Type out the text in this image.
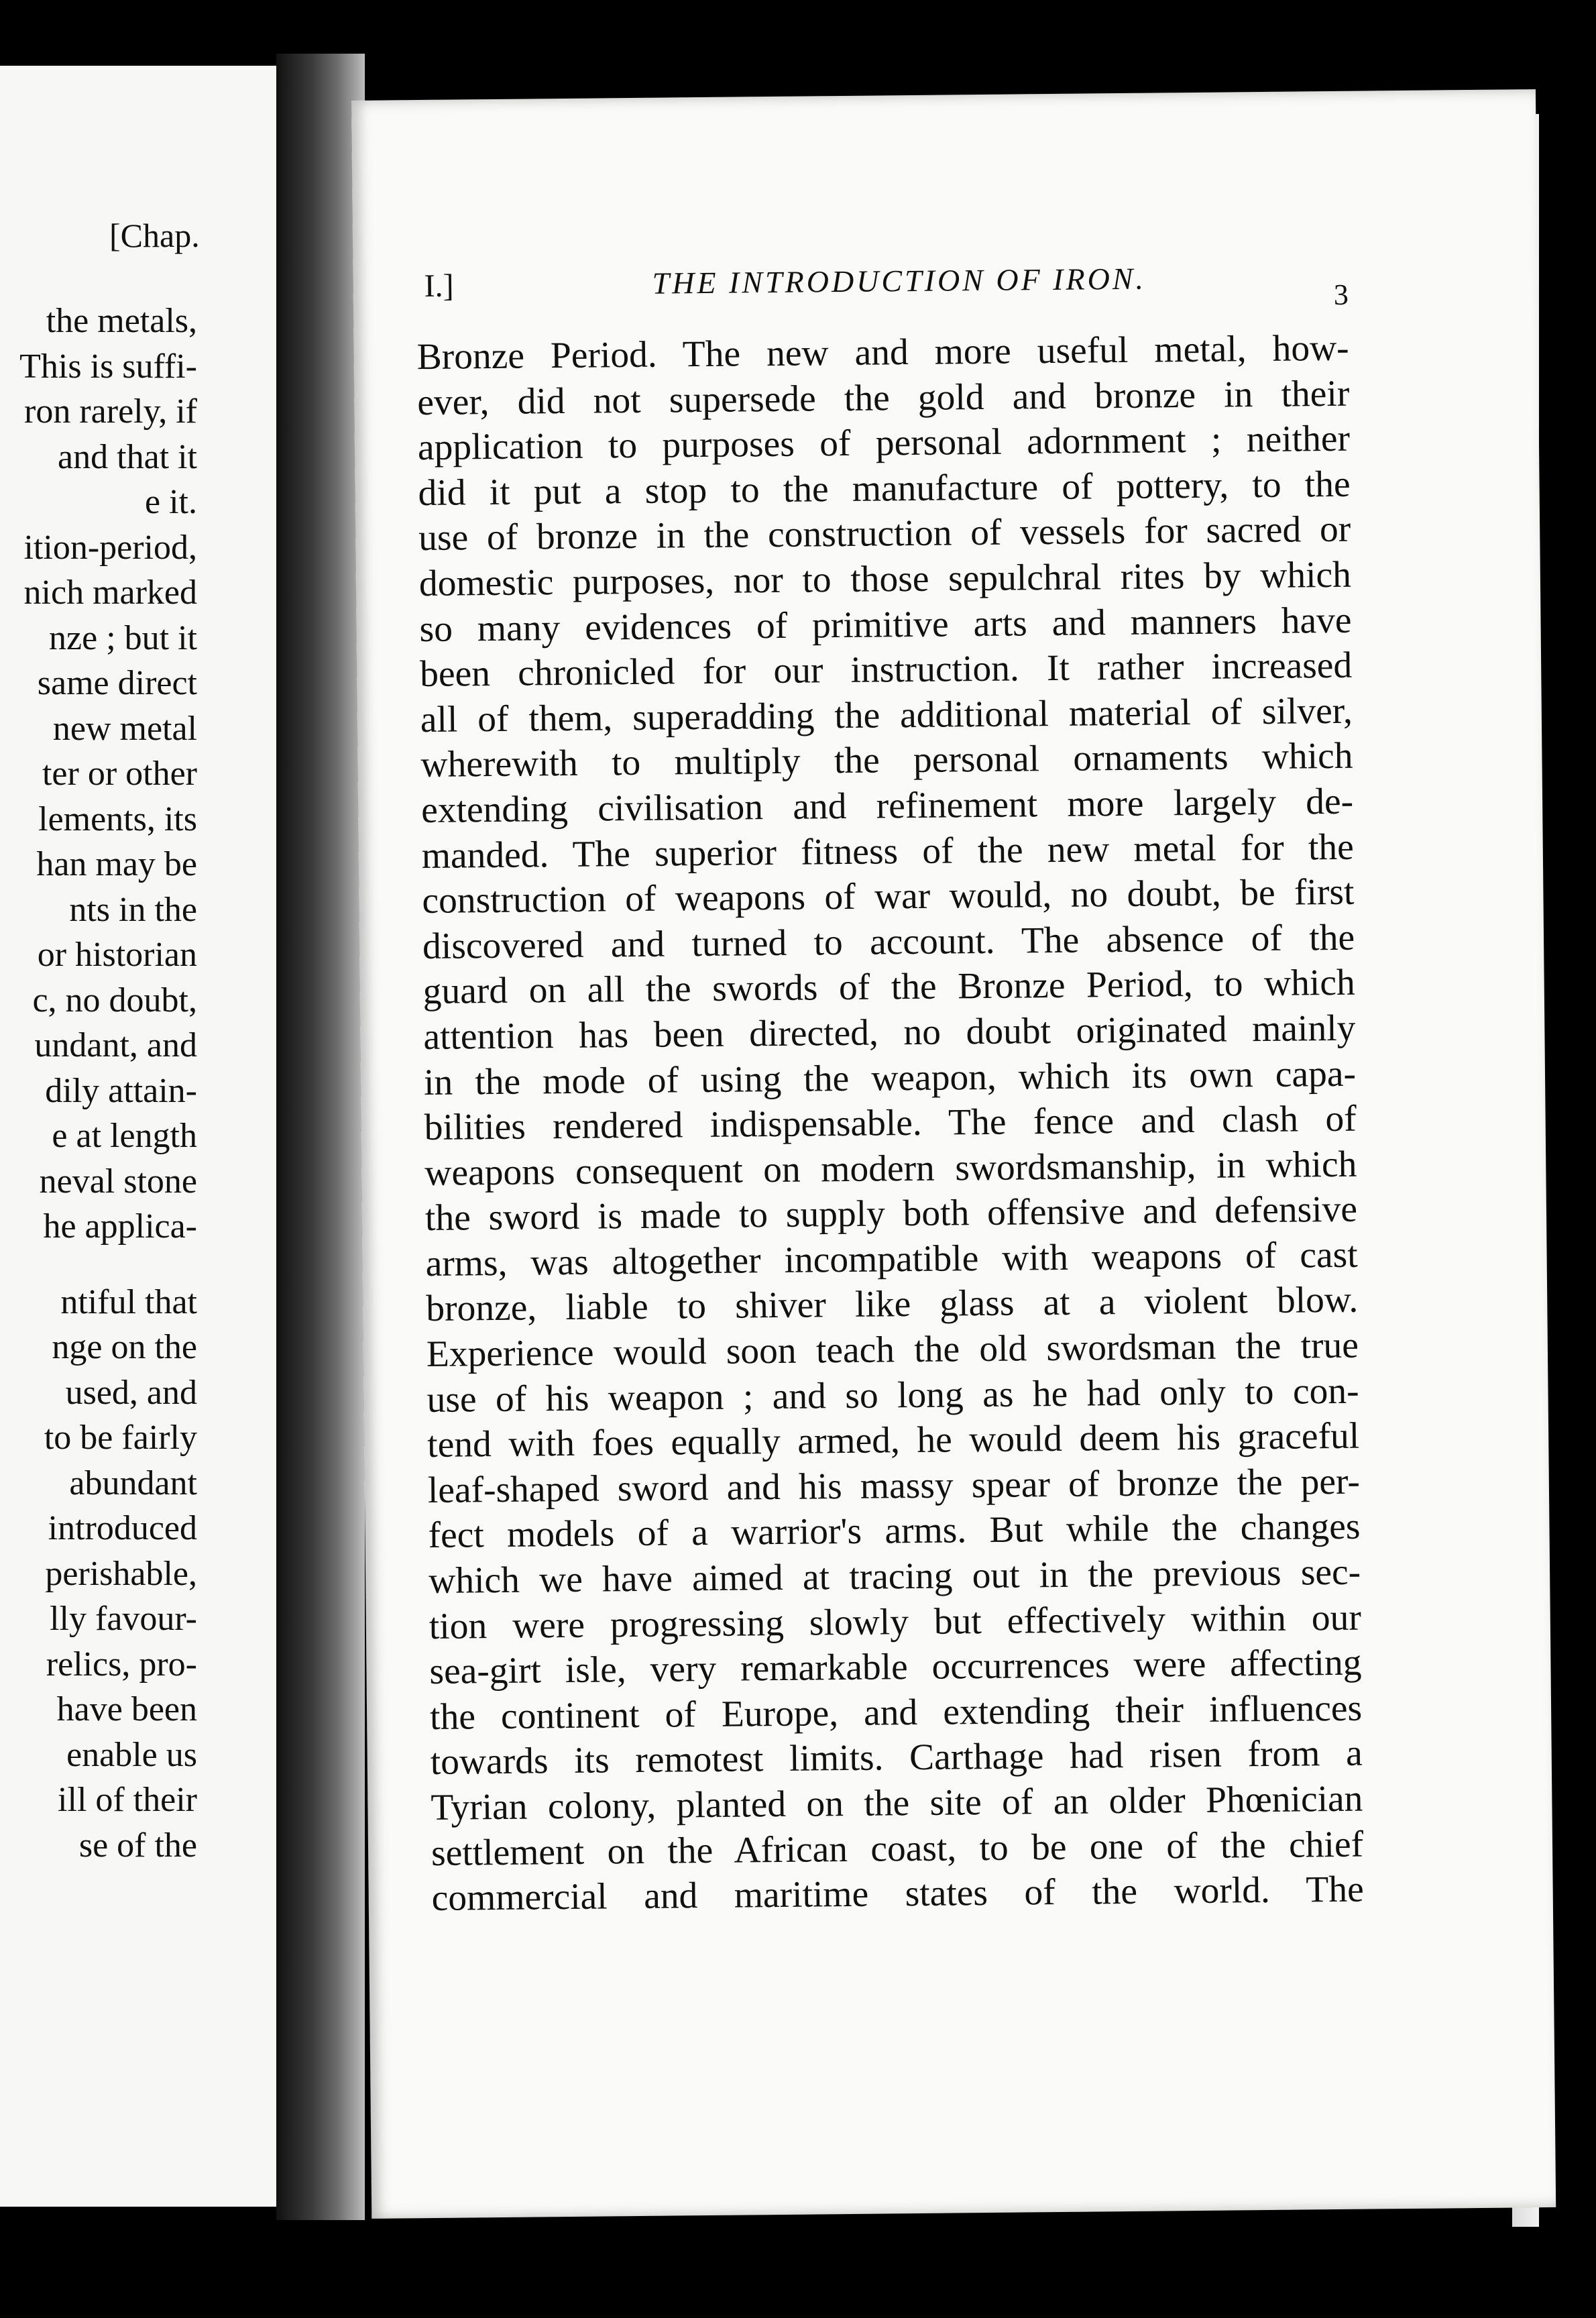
[Chap.
the metals,
This is suffi-
ron rarely, if
and that it
e it.
ition-period,
nich marked
nze ; but it
same direct
new metal
ter or other
lements, its
han may be
nts in the
or historian
c, no doubt,
undant, and
dily attain-
e at length
neval stone
he applica-
ntiful that
nge on the
used, and
to be fairly
abundant
introduced
perishable,
lly favour-
relics, pro-
have been
enable us
ill of their
se of the
I.]	THE INTRODUCTION OF IRON.	3
Bronze Period. The new and more useful metal, how-
ever, did not supersede the gold and bronze in their
application to purposes of personal adornment ; neither
did it put a stop to the manufacture of pottery, to the
use of bronze in the construction of vessels for sacred or
domestic purposes, nor to those sepulchral rites by which
so many evidences of primitive arts and manners have
been chronicled for our instruction. It rather increased
all of them, superadding the additional material of silver,
wherewith to multiply the personal ornaments which
extending civilisation and refinement more largely de-
manded. The superior fitness of the new metal for the
construction of weapons of war would, no doubt, be first
discovered and turned to account. The absence of the
guard on all the swords of the Bronze Period, to which
attention has been directed, no doubt originated mainly
in the mode of using the weapon, which its own capa-
bilities rendered indispensable. The fence and clash of
weapons consequent on modern swordsmanship, in which
the sword is made to supply both offensive and defensive
arms, was altogether incompatible with weapons of cast
bronze, liable to shiver like glass at a violent blow.
Experience would soon teach the old swordsman the true
use of his weapon ; and so long as he had only to con-
tend with foes equally armed, he would deem his graceful
leaf-shaped sword and his massy spear of bronze the per-
fect models of a warrior's arms. But while the changes
which we have aimed at tracing out in the previous sec-
tion were progressing slowly but effectively within our
sea-girt isle, very remarkable occurrences were affecting
the continent of Europe, and extending their influences
towards its remotest limits. Carthage had risen from a
Tyrian colony, planted on the site of an older Phœnician
settlement on the African coast, to be one of the chief
commercial and maritime states of the world. The
